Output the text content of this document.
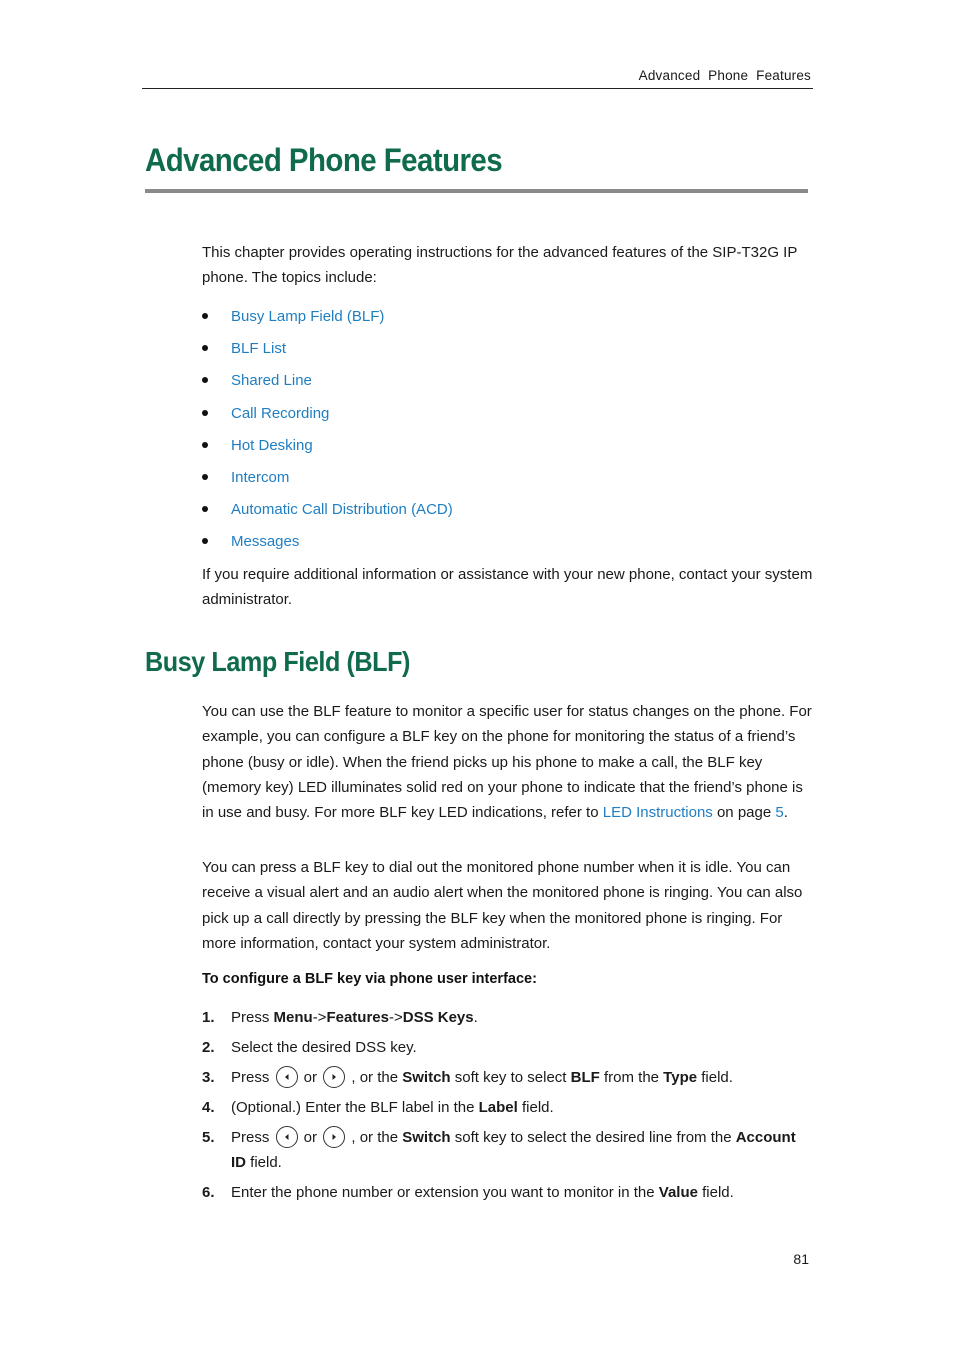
Advanced  Phone  Features
Advanced Phone Features

This chapter provides operating instructions for the advanced features of the SIP-T32G IP phone. The topics include:

Busy Lamp Field (BLF)
BLF List
Shared Line
Call Recording
Hot Desking
Intercom
Automatic Call Distribution (ACD)
Messages

If you require additional information or assistance with your new phone, contact your system administrator.

Busy Lamp Field (BLF)

You can use the BLF feature to monitor a specific user for status changes on the phone. For example, you can configure a BLF key on the phone for monitoring the status of a friend’s phone (busy or idle). When the friend picks up his phone to make a call, the BLF key (memory key) LED illuminates solid red on your phone to indicate that the friend’s phone is in use and busy. For more BLF key LED indications, refer to LED Instructions on page 5.

You can press a BLF key to dial out the monitored phone number when it is idle. You can receive a visual alert and an audio alert when the monitored phone is ringing. You can also pick up a call directly by pressing the BLF key when the monitored phone is ringing. For more information, contact your system administrator.

To configure a BLF key via phone user interface:
1. Press Menu->Features->DSS Keys.
2. Select the desired DSS key.
3. Press
or
, or the Switch soft key to select BLF from the Type field.
4. (Optional.) Enter the BLF label in the Label field.
5. Press
or
, or the Switch soft key to select the desired line from the Account ID field.
6. Enter the phone number or extension you want to monitor in the Value field.
81
